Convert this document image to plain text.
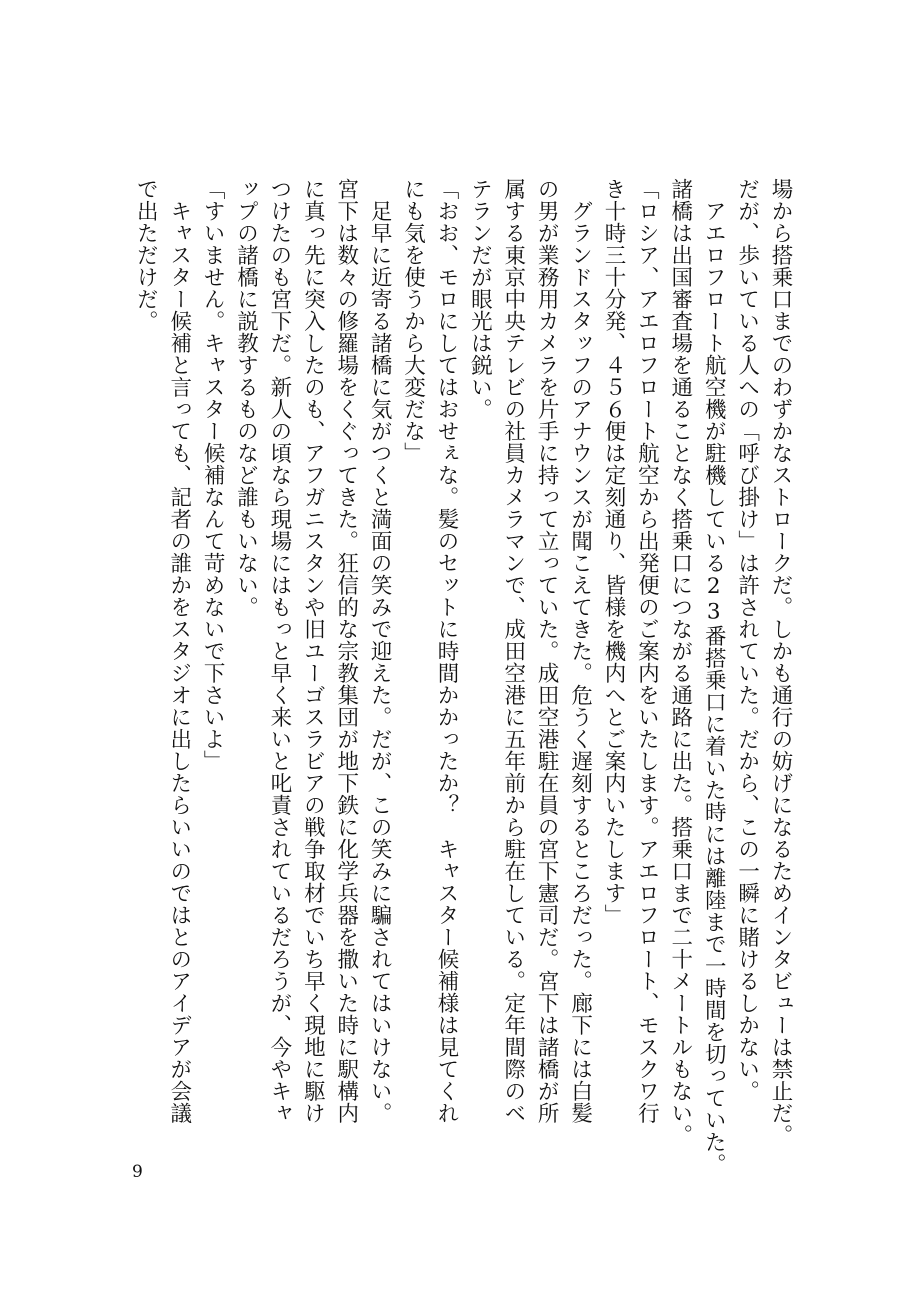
場から搭乗口までのわずかなストロークだ。しかも通行の妨げになるためインタビューは禁止だ。
だが、歩いている人への「呼び掛け」は許されていた。だから、この一瞬に賭けるしかない。
　アエロフロート航空機が駐機している23番搭乗口に着いた時には離陸まで一時間を切っていた。
諸橋は出国審査場を通ることなく搭乗口につながる通路に出た。搭乗口まで二十メートルもない。
「ロシア、アエロフロート航空から出発便のご案内をいたします。アエロフロート、モスクワ行
き十時三十分発、４５６便は定刻通り、皆様を機内へとご案内いたします」
　グランドスタッフのアナウンスが聞こえてきた。危うく遅刻するところだった。廊下には白髪
の男が業務用カメラを片手に持って立っていた。成田空港駐在員の宮下憲司だ。宮下は諸橋が所
属する東京中央テレビの社員カメラマンで、成田空港に五年前から駐在している。定年間際のベ
テランだが眼光は鋭い。
「おお、モロにしてはおせぇな。髪のセットに時間かかったか？　キャスター候補様は見てくれ
にも気を使うから大変だな」
　足早に近寄る諸橋に気がつくと満面の笑みで迎えた。だが、この笑みに騙されてはいけない。
宮下は数々の修羅場をくぐってきた。狂信的な宗教集団が地下鉄に化学兵器を撒いた時に駅構内
に真っ先に突入したのも、アフガニスタンや旧ユーゴスラビアの戦争取材でいち早く現地に駆け
つけたのも宮下だ。新人の頃なら現場にはもっと早く来いと叱責されているだろうが、今やキャ
ップの諸橋に説教するものなど誰もいない。
「すいません。キャスター候補なんて苛めないで下さいよ」
　キャスター候補と言っても、記者の誰かをスタジオに出したらいいのではとのアイデアが会議
で出ただけだ。
9
